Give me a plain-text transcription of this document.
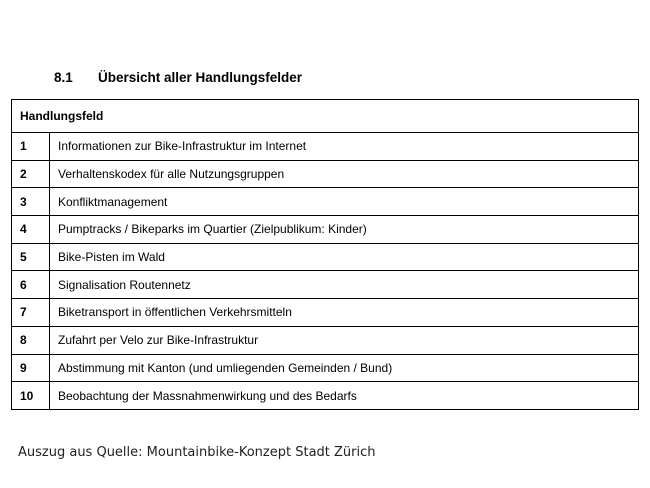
8.1 Übersicht aller Handlungsfelder
Handlungsfeld	
1	Informationen zur Bike-Infrastruktur im Internet
2	Verhaltenskodex für alle Nutzungsgruppen
3	Konfliktmanagement
4	Pumptracks / Bikeparks im Quartier (Zielpublikum: Kinder)
5	Bike-Pisten im Wald
6	Signalisation Routennetz
7	Biketransport in öffentlichen Verkehrsmitteln
8	Zufahrt per Velo zur Bike-Infrastruktur
9	Abstimmung mit Kanton (und umliegenden Gemeinden / Bund)
10	Beobachtung der Massnahmenwirkung und des Bedarfs
Auszug aus Quelle: Mountainbike-Konzept Stadt Zürich
